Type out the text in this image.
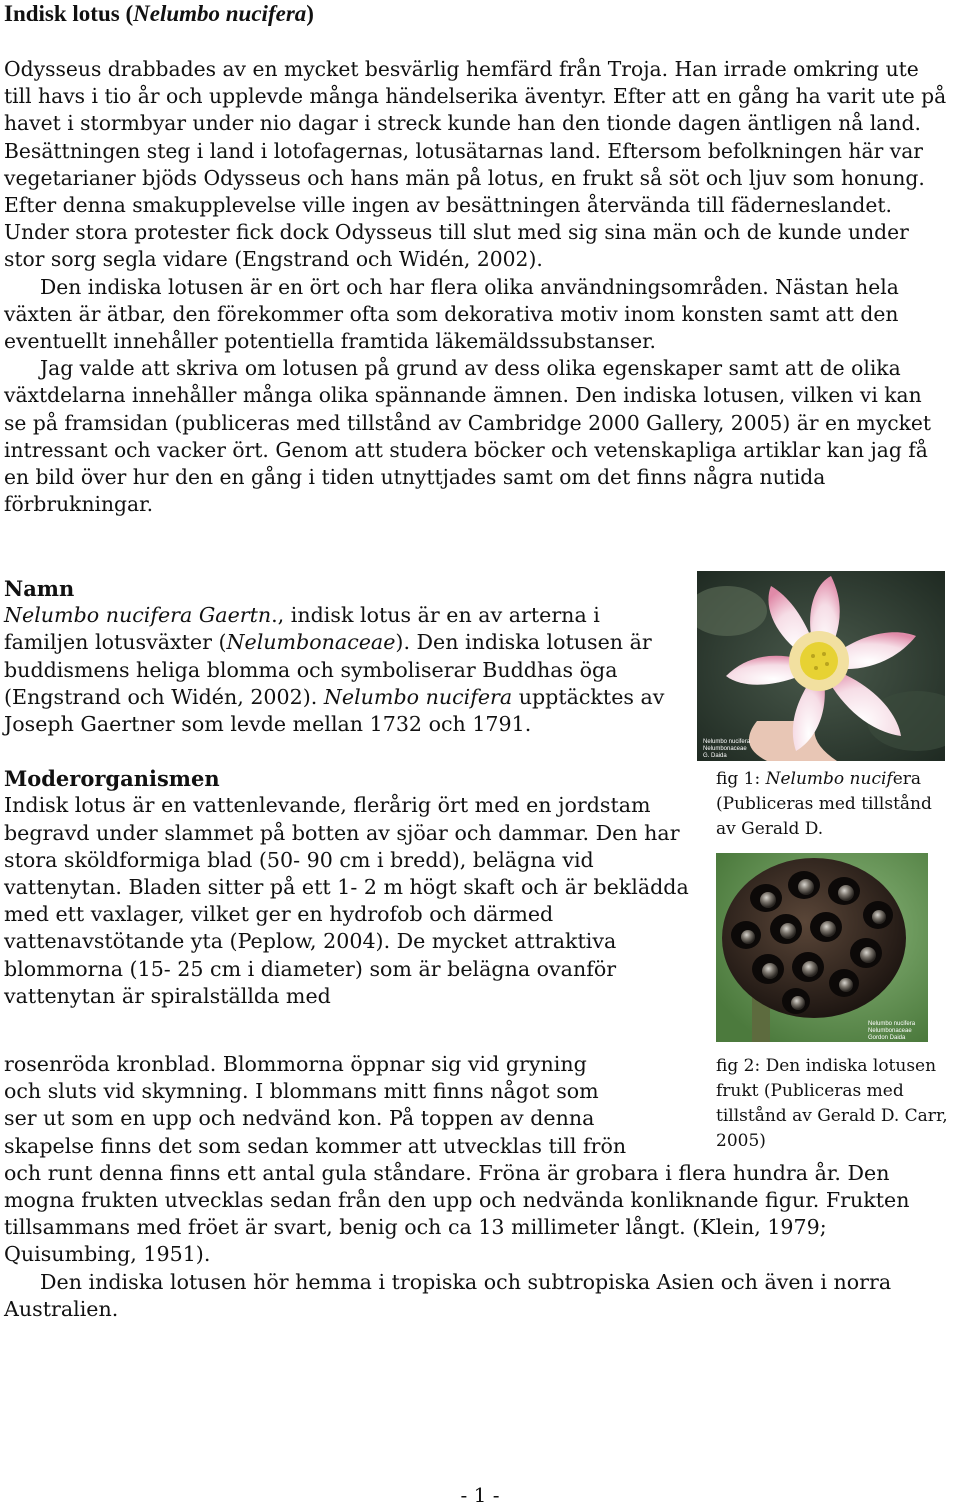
Indisk lotus (Nelumbo nucifera)

Odysseus drabbades av en mycket besvärlig hemfärd från Troja. Han irrade omkring ute till havs i tio år och upplevde många händelserika äventyr. Efter att en gång ha varit ute på havet i stormbyar under nio dagar i streck kunde han den tionde dagen äntligen nå land. Besättningen steg i land i lotofagernas, lotusätarnas land. Eftersom befolkningen här var vegetarianer bjöds Odysseus och hans män på lotus, en frukt så söt och ljuv som honung. Efter denna smakupplevelse ville ingen av besättningen återvända till fäderneslandet. Under stora protester fick dock Odysseus till slut med sig sina män och de kunde under stor sorg segla vidare (Engstrand och Widén, 2002).

Den indiska lotusen är en ört och har flera olika användningsområden. Nästan hela växten är ätbar, den förekommer ofta som dekorativa motiv inom konsten samt att den eventuellt innehåller potentiella framtida läkemäldssubstanser.

Jag valde att skriva om lotusen på grund av dess olika egenskaper samt att de olika växtdelarna innehåller många olika spännande ämnen. Den indiska lotusen, vilken vi kan se på framsidan (publiceras med tillstånd av Cambridge 2000 Gallery, 2005) är en mycket intressant och vacker ört. Genom att studera böcker och vetenskapliga artiklar kan jag få en bild över hur den en gång i tiden utnyttjades samt om det finns några nutida förbrukningar.

Namn

Nelumbo nucifera Gaertn., indisk lotus är en av arterna i familjen lotusväxter (Nelumbonaceae). Den indiska lotusen är buddismens heliga blomma och symboliserar Buddhas öga (Engstrand och Widén, 2002). Nelumbo nucifera upptäcktes av Joseph Gaertner som levde mellan 1732 och 1791.

Moderorganismen

Indisk lotus är en vattenlevande, flerårig ört med en jordstam begravd under slammet på botten av sjöar och dammar. Den har stora sköldformiga blad (50- 90 cm i bredd), belägna vid vattenytan. Bladen sitter på ett 1- 2 m högt skaft och är beklädda med ett vaxlager, vilket ger en hydrofob och därmed vattenavstötande yta (Peplow, 2004). De mycket attraktiva blommorna (15- 25 cm i diameter) som är belägna ovanför vattenytan är spiralställda med

rosenröda kronblad. Blommorna öppnar sig vid gryning
och sluts vid skymning. I blommans mitt finns något som
ser ut som en upp och nedvänd kon. På toppen av denna
skapelse finns det som sedan kommer att utvecklas till frön
och runt denna finns ett antal gula ståndare. Fröna är grobara i flera hundra år. Den mogna frukten utvecklas sedan från den upp och nedvända konliknande figur. Frukten tillsammans med fröet är svart, benig och ca 13 millimeter långt. (Klein, 1979; Quisumbing, 1951).

Den indiska lotusen hör hemma i tropiska och subtropiska Asien och även i norra Australien.

Nelumbo nucifera
Nelumbonaceae
G. Daida

fig 1: Nelumbo nucifera (Publiceras med tillstånd av Gerald D.

Nelumbo nucifera
Nelumbonaceae
Gordon Daida

fig 2: Den indiska lotusen frukt (Publiceras med tillstånd av Gerald D. Carr, 2005)

- 1 -
